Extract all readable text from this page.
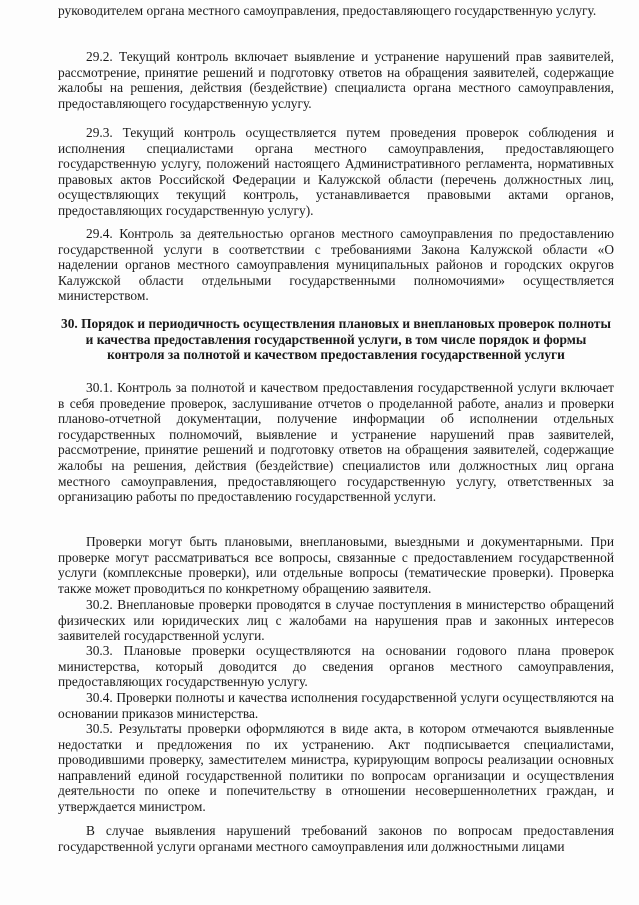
руководителем органа местного самоуправления, предоставляющего государственную услугу.

29.2. Текущий контроль включает выявление и устранение нарушений прав заявителей, рассмотрение, принятие решений и подготовку ответов на обращения заявителей, содержащие жалобы на решения, действия (бездействие) специалиста органа местного самоуправления, предоставляющего государственную услугу.

29.3. Текущий контроль осуществляется путем проведения проверок соблюдения и исполнения специалистами органа местного самоуправления, предоставляющего государственную услугу, положений настоящего Административного регламента, нормативных правовых актов Российской Федерации и Калужской области (перечень должностных лиц, осуществляющих текущий контроль, устанавливается правовыми актами органов, предоставляющих государственную услугу).

29.4. Контроль за деятельностью органов местного самоуправления по предоставлению государственной услуги в соответствии с требованиями Закона Калужской области «О наделении органов местного самоуправления муниципальных районов и городских округов Калужской области отдельными государственными полномочиями» осуществляется министерством.

30. Порядок и периодичность осуществления плановых и внеплановых проверок полноты и качества предоставления государственной услуги, в том числе порядок и формы контроля за полнотой и качеством предоставления государственной услуги

30.1. Контроль за полнотой и качеством предоставления государственной услуги включает в себя проведение проверок, заслушивание отчетов о проделанной работе, анализ и проверки планово-отчетной документации, получение информации об исполнении отдельных государственных полномочий, выявление и устранение нарушений прав заявителей, рассмотрение, принятие решений и подготовку ответов на обращения заявителей, содержащие жалобы на решения, действия (бездействие) специалистов или должностных лиц органа местного самоуправления, предоставляющего государственную услугу, ответственных за организацию работы по предоставлению государственной услуги.

Проверки могут быть плановыми, внеплановыми, выездными и документарными. При проверке могут рассматриваться все вопросы, связанные с предоставлением государственной услуги (комплексные проверки), или отдельные вопросы (тематические проверки). Проверка также может проводиться по конкретному обращению заявителя.

30.2. Внеплановые проверки проводятся в случае поступления в министерство обращений физических или юридических лиц с жалобами на нарушения прав и законных интересов заявителей государственной услуги.

30.3. Плановые проверки осуществляются на основании годового плана проверок министерства, который доводится до сведения органов местного самоуправления, предоставляющих государственную услугу.

30.4. Проверки полноты и качества исполнения государственной услуги осуществляются на основании приказов министерства.

30.5. Результаты проверки оформляются в виде акта, в котором отмечаются выявленные недостатки и предложения по их устранению. Акт подписывается специалистами, проводившими проверку, заместителем министра, курирующим вопросы реализации основных направлений единой государственной политики по вопросам организации и осуществления деятельности по опеке и попечительству в отношении несовершеннолетних граждан, и утверждается министром.

В случае выявления нарушений требований законов по вопросам предоставления государственной услуги органами местного самоуправления или должностными лицами
